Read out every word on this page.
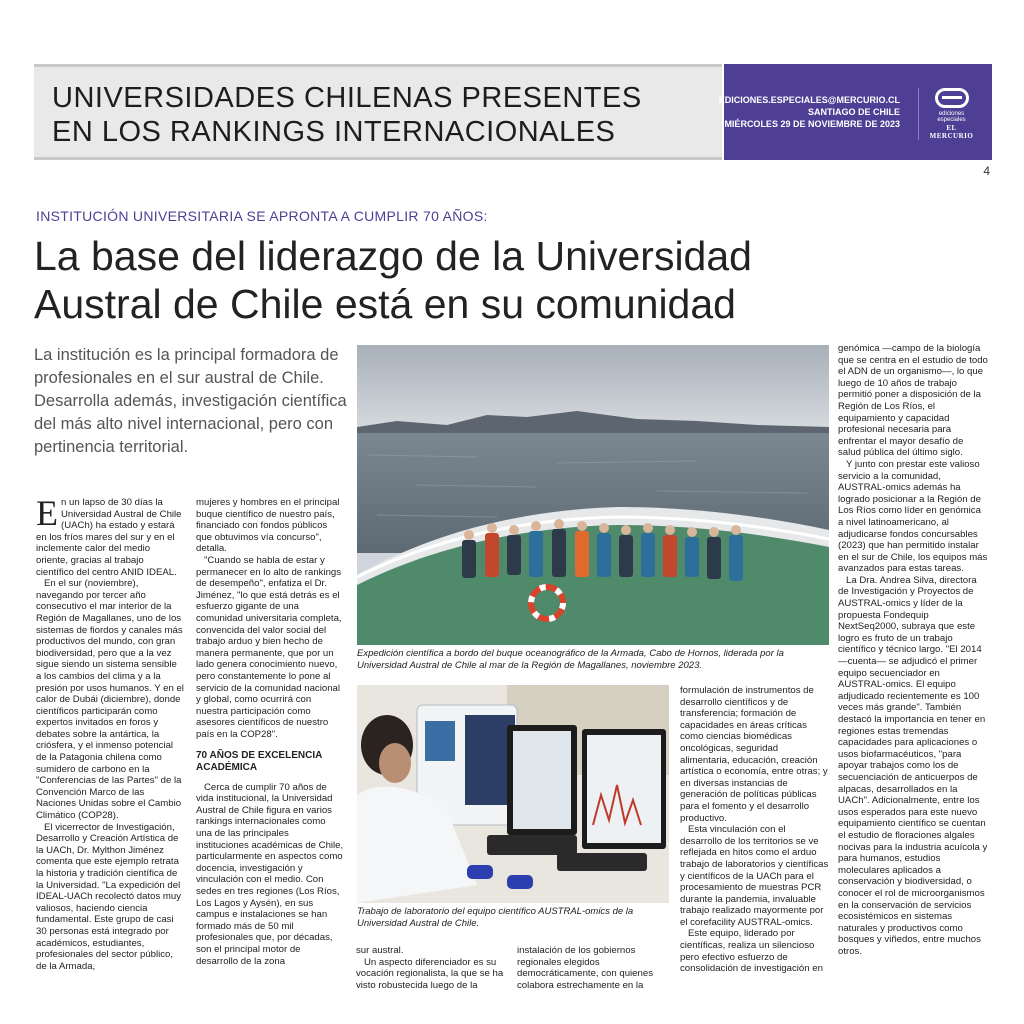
UNIVERSIDADES CHILENAS PRESENTES
EN LOS RANKINGS INTERNACIONALES
EDICIONES.ESPECIALES@MERCURIO.CL
SANTIAGO DE CHILE
MIÉRCOLES 29 DE NOVIEMBRE DE 2023
ediciones especiales
EL MERCURIO
4
INSTITUCIÓN UNIVERSITARIA SE APRONTA A CUMPLIR 70 AÑOS:
La base del liderazgo de la Universidad
Austral de Chile está en su comunidad
La institución es la principal formadora de profesionales en el sur austral de Chile. Desarrolla además, investigación científica del más alto nivel internacional, pero con pertinencia territorial.

En un lapso de 30 días la Universidad Austral de Chile (UACh) ha estado y estará en los fríos mares del sur y en el inclemente calor del medio oriente, gracias al trabajo científico del centro ANID IDEAL.

En el sur (noviembre), navegando por tercer año consecutivo el mar interior de la Región de Magallanes, uno de los sistemas de fiordos y canales más productivos del mundo, con gran biodiversidad, pero que a la vez sigue siendo un sistema sensible a los cambios del clima y a la presión por usos humanos. Y en el calor de Dubái (diciembre), donde científicos participarán como expertos invitados en foros y debates sobre la antártica, la criósfera, y el inmenso potencial de la Patagonia chilena como sumidero de carbono en la "Conferencias de las Partes" de la Convención Marco de las Naciones Unidas sobre el Cambio Climático (COP28).

El vicerrector de Investigación, Desarrollo y Creación Artística de la UACh, Dr. Mylthon Jiménez comenta que este ejemplo retrata la historia y tradición científica de la Universidad. "La expedición del IDEAL-UACh recolectó datos muy valiosos, haciendo ciencia fundamental. Este grupo de casi 30 personas está integrado por académicos, estudiantes, profesionales del sector público, de la Armada,

mujeres y hombres en el principal buque científico de nuestro país, financiado con fondos públicos que obtuvimos vía concurso", detalla.

"Cuando se habla de estar y permanecer en lo alto de rankings de desempeño", enfatiza el Dr. Jiménez, "lo que está detrás es el esfuerzo gigante de una comunidad universitaria completa, convencida del valor social del trabajo arduo y bien hecho de manera permanente, que por un lado genera conocimiento nuevo, pero constantemente lo pone al servicio de la comunidad nacional y global, como ocurrirá con nuestra participación como asesores científicos de nuestro país en la COP28".

70 AÑOS DE EXCELENCIA ACADÉMICA

Cerca de cumplir 70 años de vida institucional, la Universidad Austral de Chile figura en varios rankings internacionales como una de las principales instituciones académicas de Chile, particularmente en aspectos como docencia, investigación y vinculación con el medio. Con sedes en tres regiones (Los Ríos, Los Lagos y Aysén), en sus campus e instalaciones se han formado más de 50 mil profesionales que, por décadas, son el principal motor de desarrollo de la zona

Expedición científica a bordo del buque oceanográfico de la Armada, Cabo de Hornos, liderada por la Universidad Austral de Chile al mar de la Región de Magallanes, noviembre 2023.
Trabajo de laboratorio del equipo científico AUSTRAL-omics de la Universidad Austral de Chile.

sur austral.

Un aspecto diferenciador es su vocación regionalista, la que se ha visto robustecida luego de la

instalación de los gobiernos regionales elegidos democráticamente, con quienes colabora estrechamente en la

formulación de instrumentos de desarrollo científicos y de transferencia; formación de capacidades en áreas críticas como ciencias biomédicas oncológicas, seguridad alimentaria, educación, creación artística o economía, entre otras; y en diversas instancias de generación de políticas públicas para el fomento y el desarrollo productivo.

Esta vinculación con el desarrollo de los territorios se ve reflejada en hitos como el arduo trabajo de laboratorios y científicas y científicos de la UACh para el procesamiento de muestras PCR durante la pandemia, invaluable trabajo realizado mayormente por el corefacility AUSTRAL-omics.

Este equipo, liderado por científicas, realiza un silencioso pero efectivo esfuerzo de consolidación de investigación en

genómica —campo de la biología que se centra en el estudio de todo el ADN de un organismo—, lo que luego de 10 años de trabajo permitió poner a disposición de la Región de Los Ríos, el equipamiento y capacidad profesional necesaria para enfrentar el mayor desafío de salud pública del último siglo.

Y junto con prestar este valioso servicio a la comunidad, AUSTRAL-omics además ha logrado posicionar a la Región de Los Ríos como líder en genómica a nivel latinoamericano, al adjudicarse fondos concursables (2023) que han permitido instalar en el sur de Chile, los equipos más avanzados para estas tareas.

La Dra. Andrea Silva, directora de Investigación y Proyectos de AUSTRAL-omics y líder de la propuesta Fondequip NextSeq2000, subraya que este logro es fruto de un trabajo científico y técnico largo. "El 2014 —cuenta— se adjudicó el primer equipo secuenciador en AUSTRAL-omics. El equipo adjudicado recientemente es 100 veces más grande". También destacó la importancia en tener en regiones estas tremendas capacidades para aplicaciones o usos biofarmacéuticos, "para apoyar trabajos como los de secuenciación de anticuerpos de alpacas, desarrollados en la UACh". Adicionalmente, entre los usos esperados para este nuevo equipamiento científico se cuentan el estudio de floraciones algales nocivas para la industria acuícola y para humanos, estudios moleculares aplicados a conservación y biodiversidad, o conocer el rol de microorganismos en la conservación de servicios ecosistémicos en sistemas naturales y productivos como bosques y viñedos, entre muchos otros.
